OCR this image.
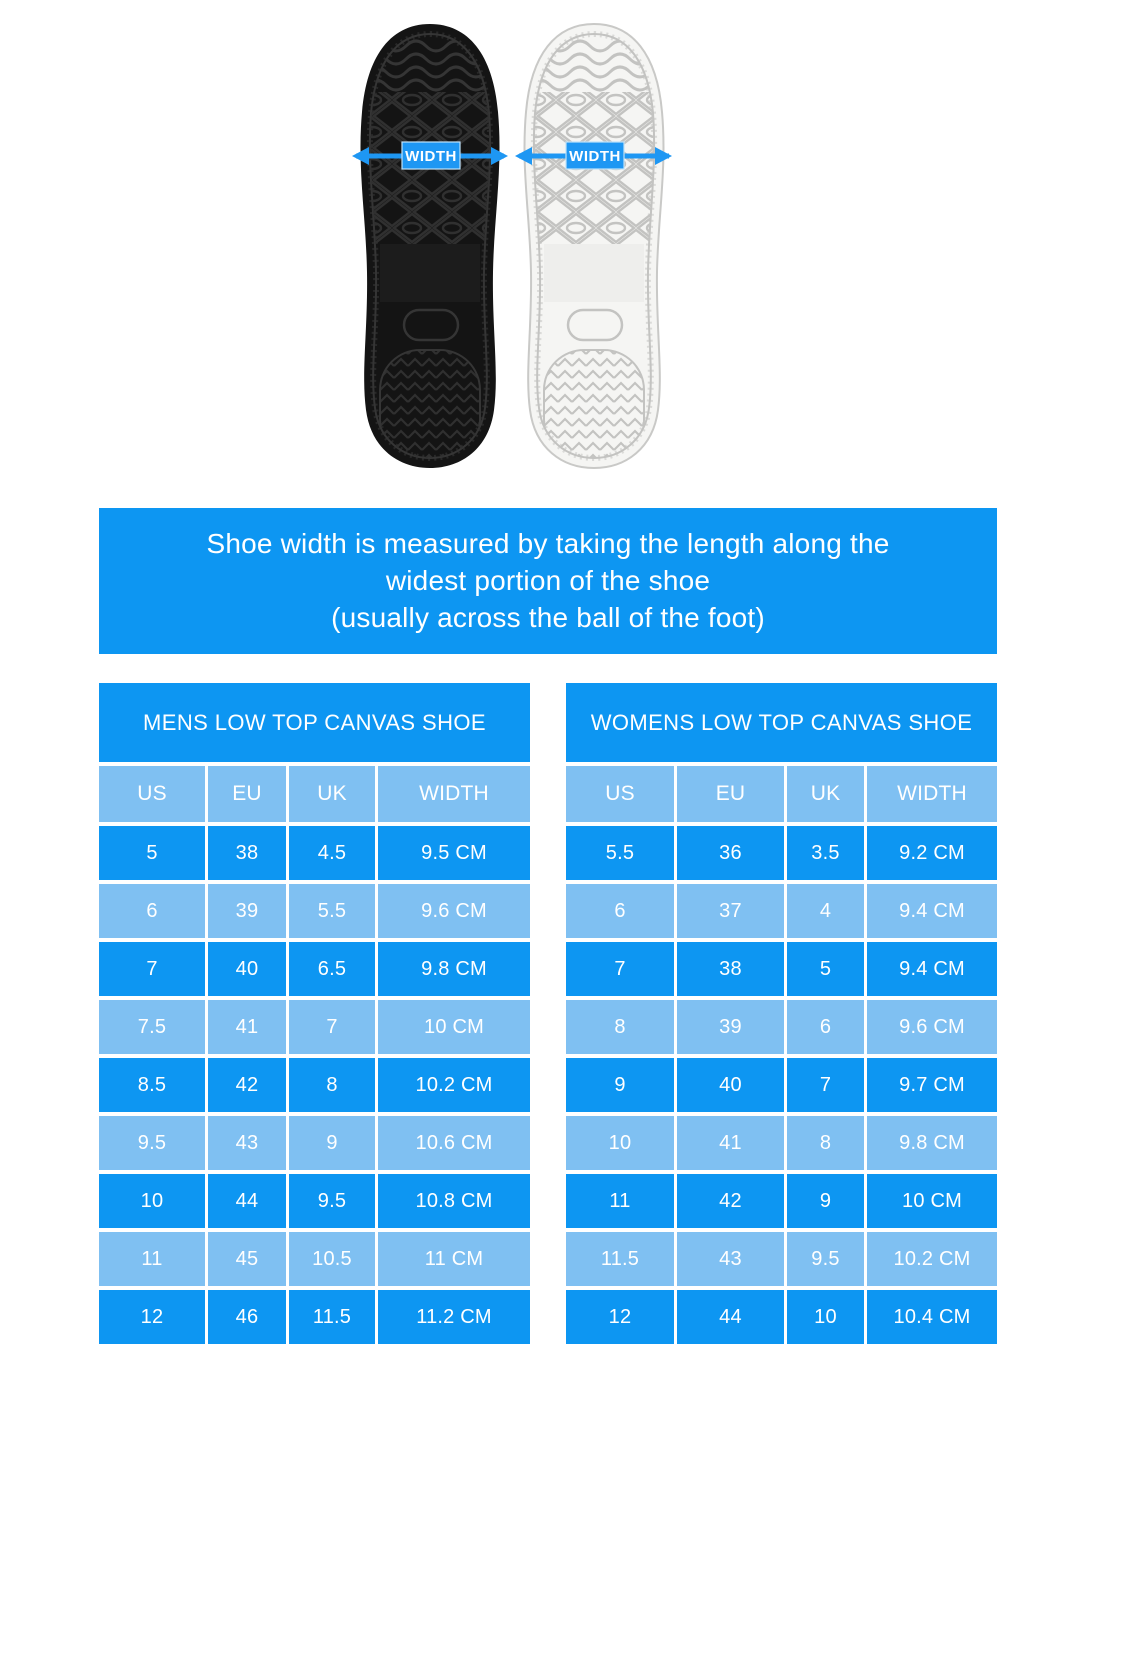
WIDTH	WIDTH
Shoe width is measured by taking the length along the
widest portion of the shoe
(usually across the ball of the foot)
MENS LOW TOP CANVAS SHOE
US	EU	UK	WIDTH
5	38	4.5	9.5 CM
6	39	5.5	9.6 CM
7	40	6.5	9.8 CM
7.5	41	7	10 CM
8.5	42	8	10.2 CM
9.5	43	9	10.6 CM
10	44	9.5	10.8 CM
11	45	10.5	11 CM
12	46	11.5	11.2 CM
WOMENS LOW TOP CANVAS SHOE
US	EU	UK	WIDTH
5.5	36	3.5	9.2 CM
6	37	4	9.4 CM
7	38	5	9.4 CM
8	39	6	9.6 CM
9	40	7	9.7 CM
10	41	8	9.8 CM
11	42	9	10 CM
11.5	43	9.5	10.2 CM
12	44	10	10.4 CM
